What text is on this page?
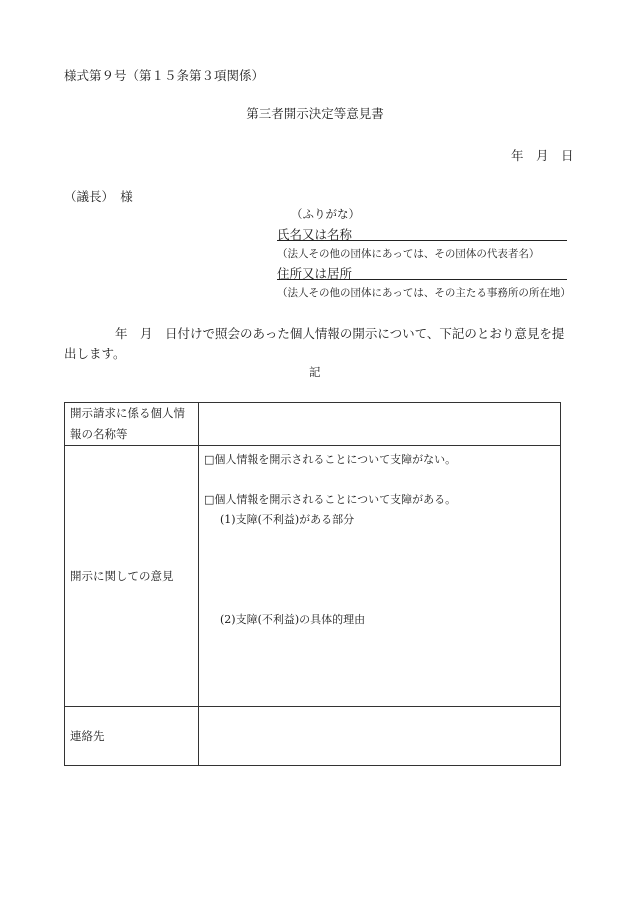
様式第９号（第１５条第３項関係）
第三者開示決定等意見書
年　月　日
（議長）　様
（ふりがな）
氏名又は名称
（法人その他の団体にあっては、その団体の代表者名）
住所又は居所
（法人その他の団体にあっては、その主たる事務所の所在地）
年　月　日付けで照会のあった個人情報の開示について、下記のとおり意見を提
出します。
記
開示請求に係る個人情
報の名称等	

開示に関しての意見	□個人情報を開示されることについて支障がない。
□個人情報を開示されることについて支障がある。
(1)支障(不利益)がある部分
(2)支障(不利益)の具体的理由

連絡先	
